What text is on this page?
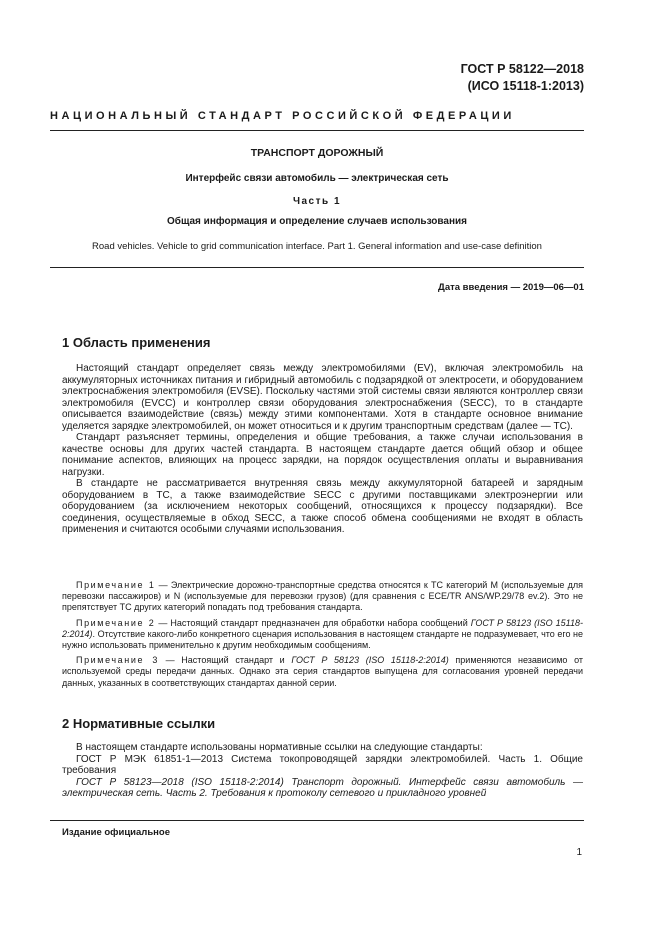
ГОСТ Р 58122—2018
(ИСО 15118-1:2013)
НАЦИОНАЛЬНЫЙ СТАНДАРТ РОССИЙСКОЙ ФЕДЕРАЦИИ
ТРАНСПОРТ ДОРОЖНЫЙ
Интерфейс связи автомобиль — электрическая сеть
Часть 1
Общая информация и определение случаев использования
Road vehicles. Vehicle to grid communication interface. Part 1. General information and use-case definition
Дата введения — 2019—06—01
1 Область применения

Настоящий стандарт определяет связь между электромобилями (EV), включая электромобиль на аккумуляторных источниках питания и гибридный автомобиль с подзарядкой от электросети, и оборудованием электроснабжения электромобиля (EVSE). Поскольку частями этой системы связи являются контроллер связи электромобиля (EVCC) и контроллер связи оборудования электроснабжения (SECC), то в стандарте описывается взаимодействие (связь) между этими компонентами. Хотя в стандарте основное внимание уделяется зарядке электромобилей, он может относиться и к другим транспортным средствам (далее — ТС).

Стандарт разъясняет термины, определения и общие требования, а также случаи использования в качестве основы для других частей стандарта. В настоящем стандарте дается общий обзор и общее понимание аспектов, влияющих на процесс зарядки, на порядок осуществления оплаты и выравнивания нагрузки.

В стандарте не рассматривается внутренняя связь между аккумуляторной батареей и зарядным оборудованием в ТС, а также взаимодействие SECC с другими поставщиками электроэнергии или оборудованием (за исключением некоторых сообщений, относящихся к процессу подзарядки). Все соединения, осуществляемые в обход SECC, а также способ обмена сообщениями не входят в область применения и считаются особыми случаями использования.

Примечание 1 — Электрические дорожно-транспортные средства относятся к ТС категорий M (используемые для перевозки пассажиров) и N (используемые для перевозки грузов) (для сравнения с ECE/TR ANS/WP.29/78 ev.2). Это не препятствует ТС других категорий попадать под требования стандарта.

Примечание 2 — Настоящий стандарт предназначен для обработки набора сообщений ГОСТ Р 58123 (ISO 15118-2:2014). Отсутствие какого-либо конкретного сценария использования в настоящем стандарте не подразумевает, что его не нужно использовать применительно к другим необходимым сообщениям.

Примечание 3 — Настоящий стандарт и ГОСТ Р 58123 (ISO 15118-2:2014) применяются независимо от используемой среды передачи данных. Однако эта серия стандартов выпущена для согласования уровней передачи данных, указанных в соответствующих стандартах данной серии.

2 Нормативные ссылки

В настоящем стандарте использованы нормативные ссылки на следующие стандарты:

ГОСТ Р МЭК 61851-1—2013 Система токопроводящей зарядки электромобилей. Часть 1. Общие требования

ГОСТ Р 58123—2018 (ISO 15118-2:2014) Транспорт дорожный. Интерфейс связи автомобиль — электрическая сеть. Часть 2. Требования к протоколу сетевого и прикладного уровней

Издание официальное
1
